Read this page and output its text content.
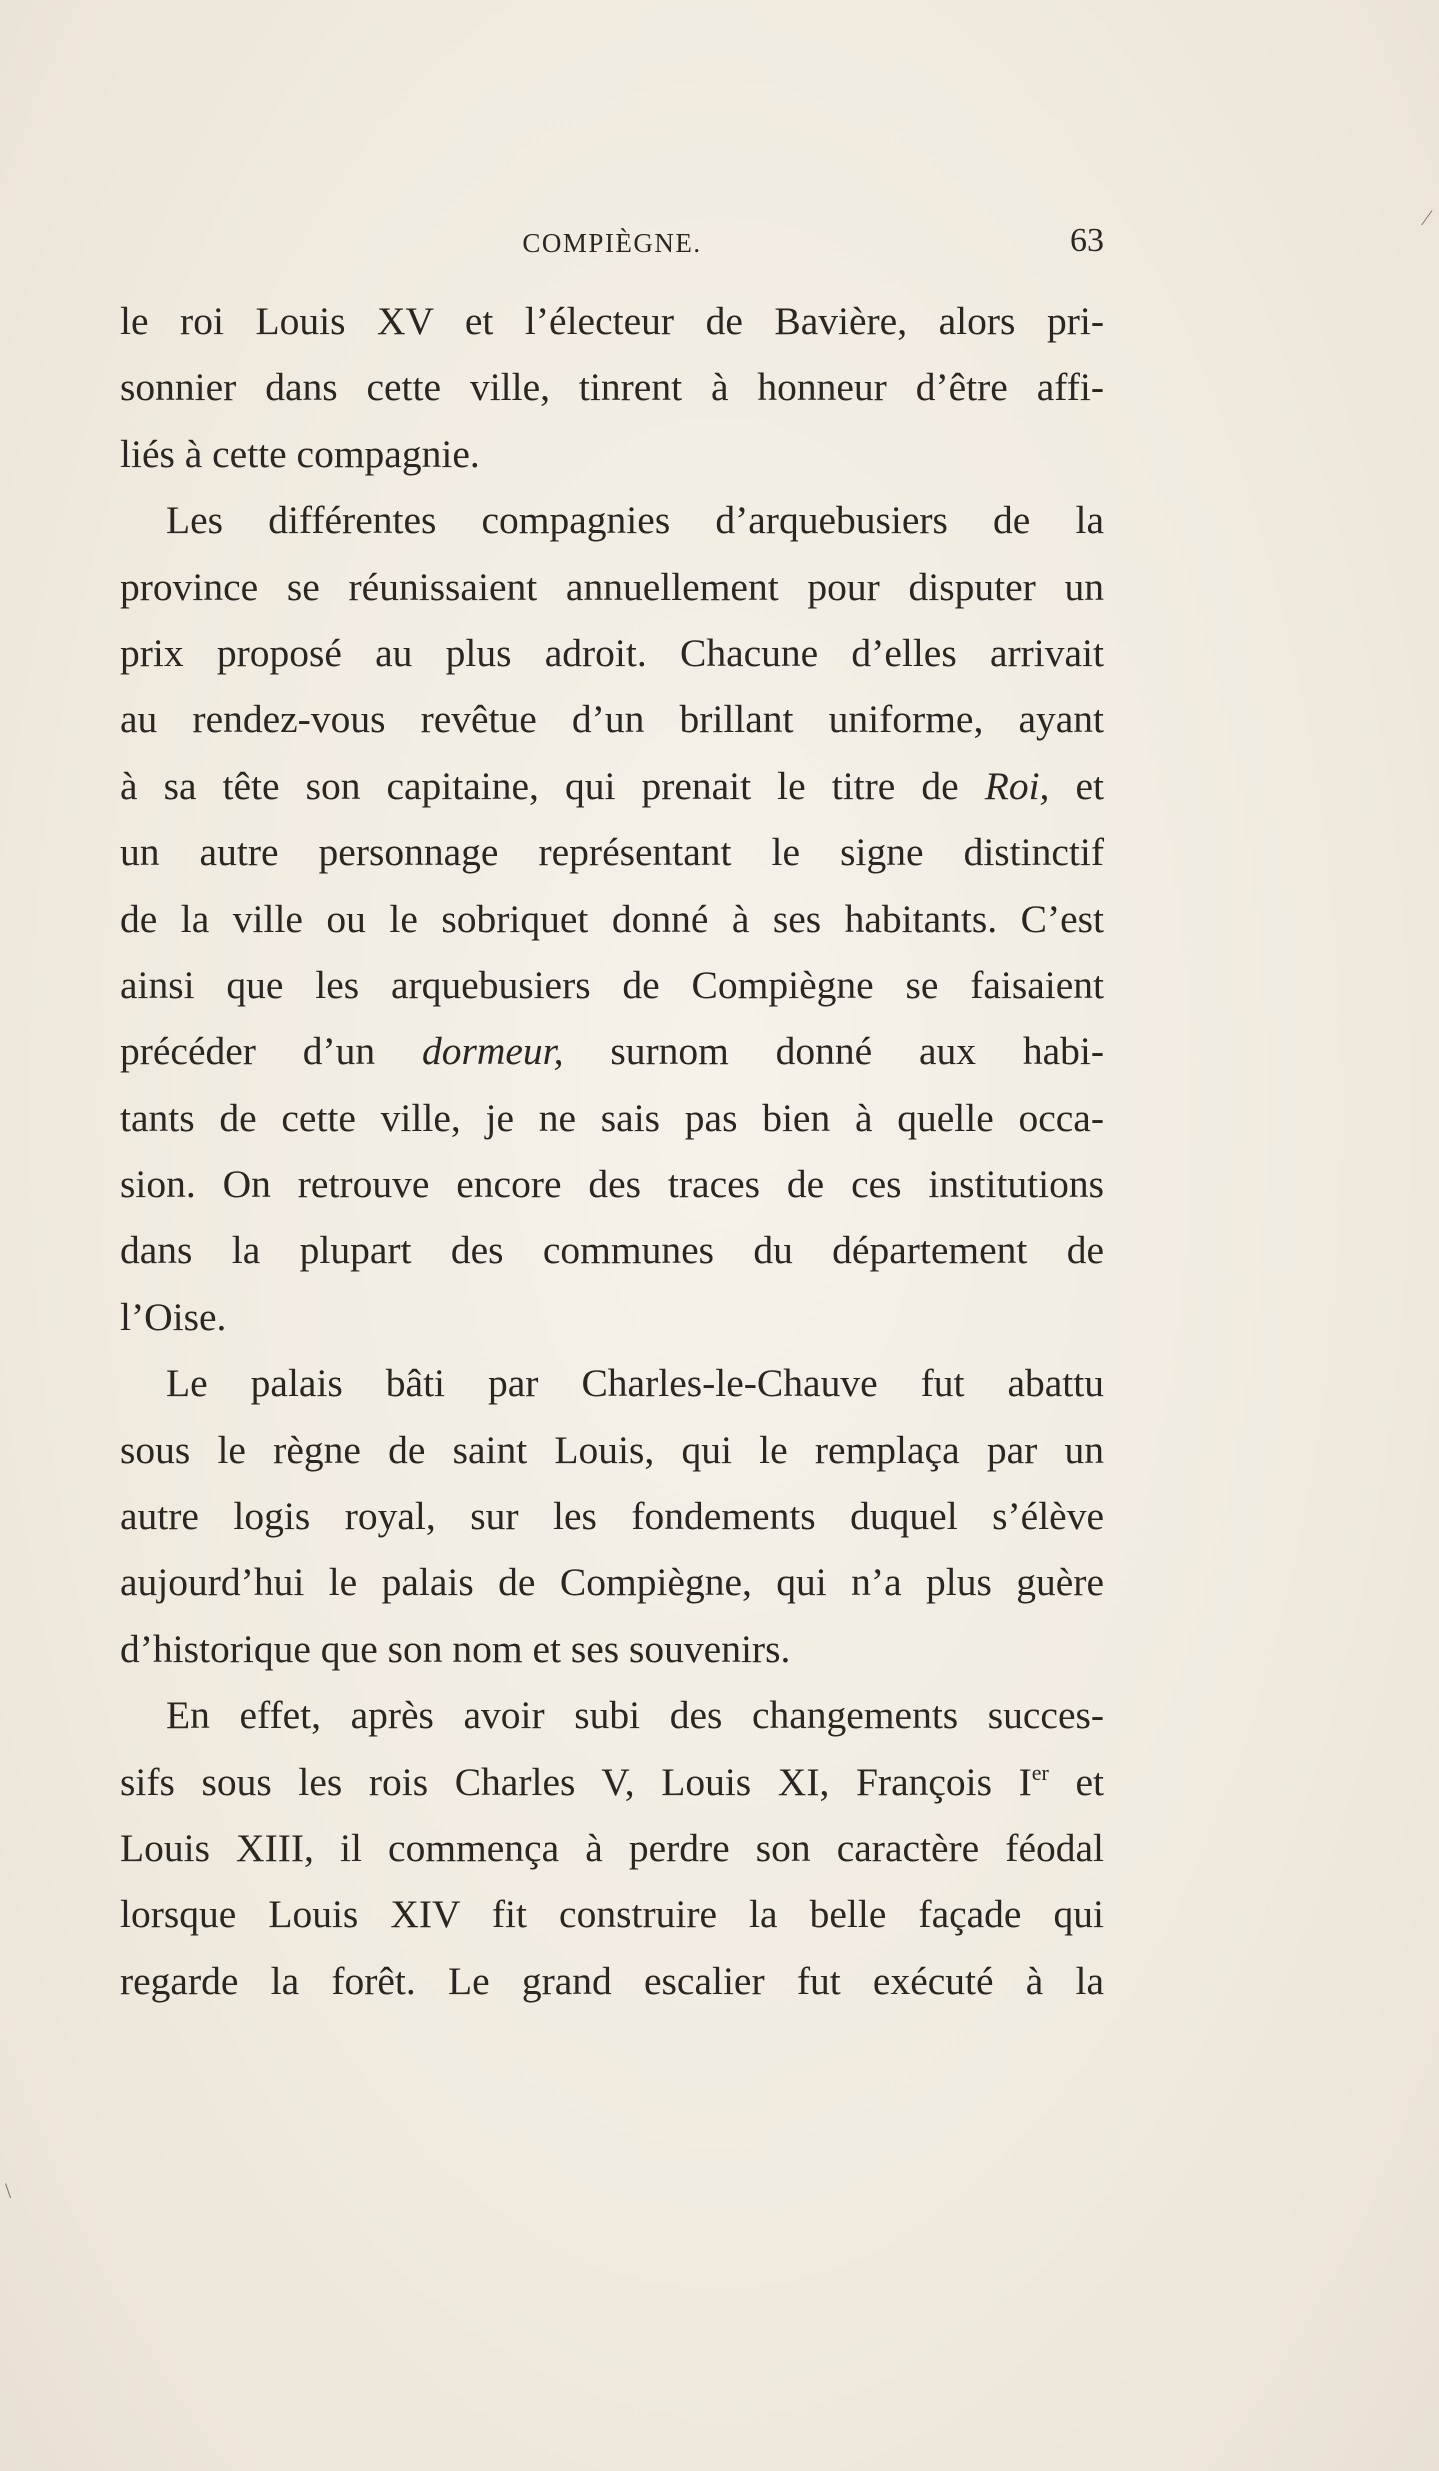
COMPIÈGNE.	63
le roi Louis XV et l’électeur de Bavière, alors pri-
sonnier dans cette ville, tinrent à honneur d’être affi-
liés à cette compagnie.
Les différentes compagnies d’arquebusiers de la
province se réunissaient annuellement pour disputer un
prix proposé au plus adroit. Chacune d’elles arrivait
au rendez-vous revêtue d’un brillant uniforme, ayant
à sa tête son capitaine, qui prenait le titre de Roi, et
un autre personnage représentant le signe distinctif
de la ville ou le sobriquet donné à ses habitants. C’est
ainsi que les arquebusiers de Compiègne se faisaient
précéder d’un dormeur, surnom donné aux habi-
tants de cette ville, je ne sais pas bien à quelle occa-
sion. On retrouve encore des traces de ces institutions
dans la plupart des communes du département de
l’Oise.
Le palais bâti par Charles-le-Chauve fut abattu
sous le règne de saint Louis, qui le remplaça par un
autre logis royal, sur les fondements duquel s’élève
aujourd’hui le palais de Compiègne, qui n’a plus guère
d’historique que son nom et ses souvenirs.
En effet, après avoir subi des changements succes-
sifs sous les rois Charles V, Louis XI, François Ier et
Louis XIII, il commença à perdre son caractère féodal
lorsque Louis XIV fit construire la belle façade qui
regarde la forêt. Le grand escalier fut exécuté à la
⁄
\
